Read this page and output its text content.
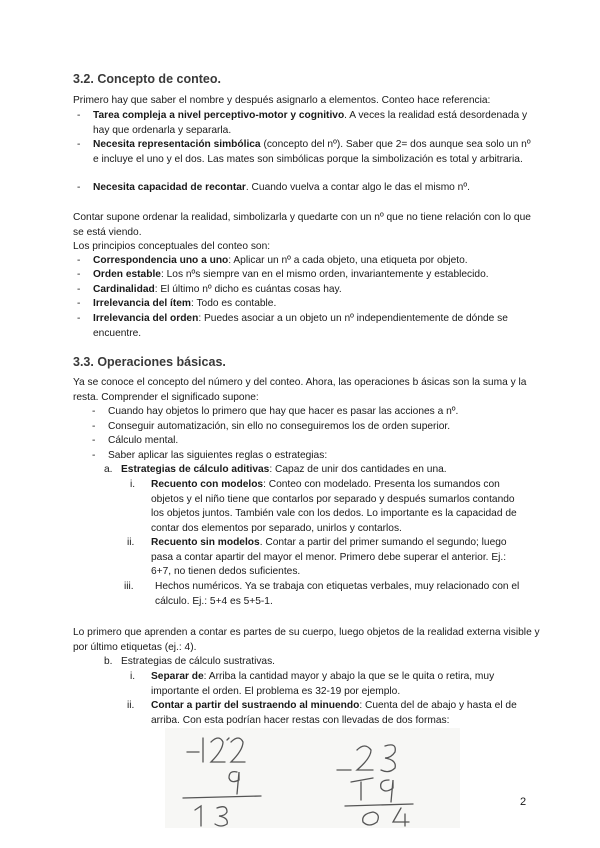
3.2. Concepto de conteo.

Primero hay que saber el nombre y después asignarlo a elementos. Conteo hace referencia:

- Tarea compleja a nivel perceptivo-motor y cognitivo. A veces la realidad está desordenada y hay que ordenarla y separarla.
- Necesita representación simbólica (concepto del nº). Saber que 2= dos aunque sea solo un nº e incluye el uno y el dos. Las mates son simbólicas porque la simbolización es total y arbitraria.
- Necesita capacidad de recontar. Cuando vuelva a contar algo le das el mismo nº.

Contar supone ordenar la realidad, simbolizarla y quedarte con un nº que no tiene relación con lo que se está viendo.

Los principios conceptuales del conteo son:

- Correspondencia uno a uno: Aplicar un nº a cada objeto, una etiqueta por objeto.
- Orden estable: Los nºs siempre van en el mismo orden, invariantemente y establecido.
- Cardinalidad: El último nº dicho es cuántas cosas hay.
- Irrelevancia del ítem: Todo es contable.
- Irrelevancia del orden: Puedes asociar a un objeto un nº independientemente de dónde se encuentre.
3.3. Operaciones básicas.

Ya se conoce el concepto del número y del conteo. Ahora, las operaciones b ásicas son la suma y la resta. Comprender el significado supone:

- Cuando hay objetos lo primero que hay que hacer es pasar las acciones a nº.
- Conseguir automatización, sin ello no conseguiremos los de orden superior.
- Cálculo mental.
- Saber aplicar las siguientes reglas o estrategias:
a. Estrategias de cálculo aditivas: Capaz de unir dos cantidades en una.
i. Recuento con modelos: Conteo con modelado. Presenta los sumandos con objetos y el niño tiene que contarlos por separado y después sumarlos contando los objetos juntos. También vale con los dedos. Lo importante es la capacidad de contar dos elementos por separado, unirlos y contarlos.
ii. Recuento sin modelos. Contar a partir del primer sumando el segundo; luego pasa a contar apartir del mayor el menor. Primero debe superar el anterior. Ej.: 6+7, no tienen dedos suficientes.
iii. Hechos numéricos. Ya se trabaja con etiquetas verbales, muy relacionado con el cálculo. Ej.: 5+4 es 5+5-1.

Lo primero que aprenden a contar es partes de su cuerpo, luego objetos de la realidad externa visible y por último etiquetas (ej.: 4).

b. Estrategias de cálculo sustrativas.
i. Separar de: Arriba la cantidad mayor y abajo la que se le quita o retira, muy importante el orden. El problema es 32-19 por ejemplo.
ii. Contar a partir del sustraendo al minuendo: Cuenta del de abajo y hasta el de arriba. Con esta podrían hacer restas con llevadas de dos formas:
2
